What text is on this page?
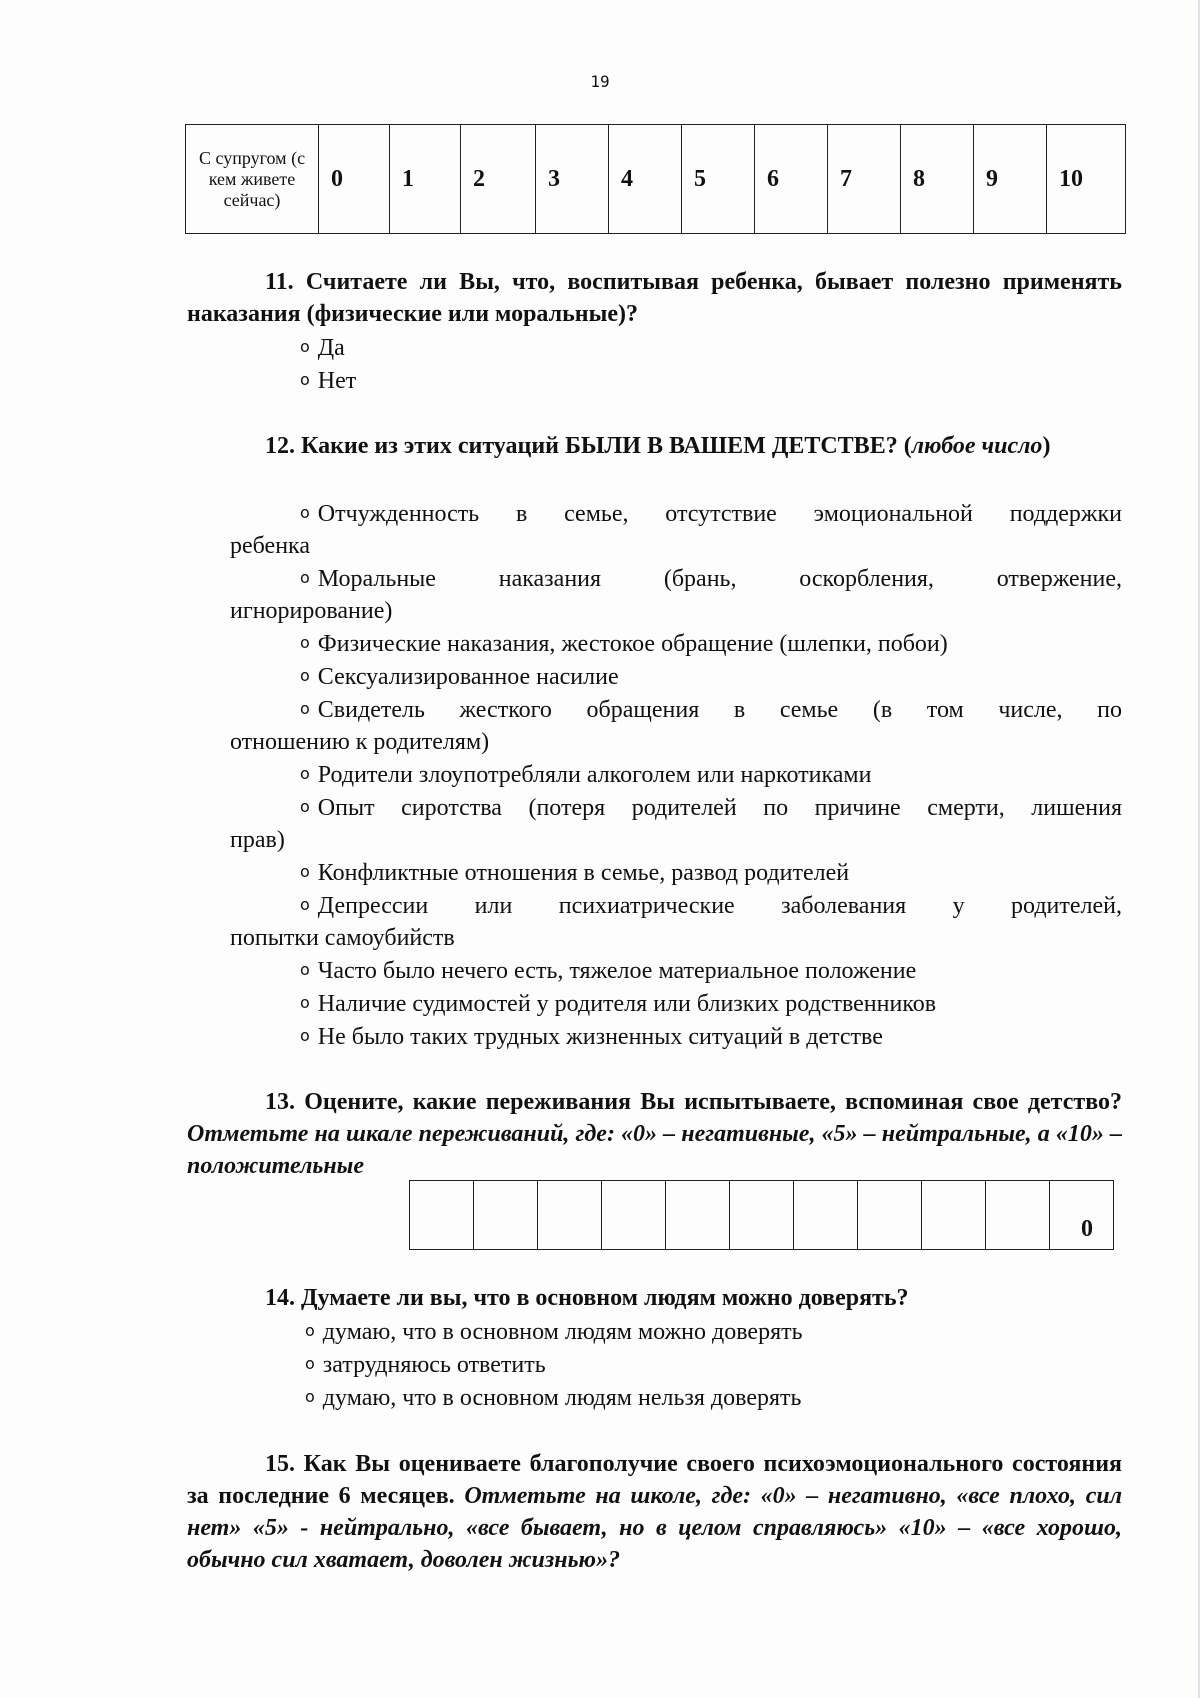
19
С супругом (с кем живете сейчас)	0	1	2	3	4	5	6	7	8	9	10
11. Считаете ли Вы, что, воспитывая ребенка, бывает полезно применять наказания (физические или моральные)?
o Да
o Нет
12. Какие из этих ситуаций БЫЛИ В ВАШЕМ ДЕТСТВЕ? (любое число)
o Отчужденность в семье, отсутствие эмоциональной поддержки
ребенка
o Моральные наказания (брань, оскорбления, отвержение,
игнорирование)
o Физические наказания, жестокое обращение (шлепки, побои)
o Сексуализированное насилие
o Свидетель жесткого обращения в семье (в том числе, по
отношению к родителям)
o Родители злоупотребляли алкоголем или наркотиками
o Опыт сиротства (потеря родителей по причине смерти, лишения
прав)
o Конфликтные отношения в семье, развод родителей
o Депрессии или психиатрические заболевания у родителей,
попытки самоубийств
o Часто было нечего есть, тяжелое материальное положение
o Наличие судимостей у родителя или близких родственников
o Не было таких трудных жизненных ситуаций в детстве
13. Оцените, какие переживания Вы испытываете, вспоминая свое детство? Отметьте на шкале переживаний, где: «0» – негативные, «5» – нейтральные, а «10» – положительные
										0
14. Думаете ли вы, что в основном людям можно доверять?
o думаю, что в основном людям можно доверять
o затрудняюсь ответить
o думаю, что в основном людям нельзя доверять
15. Как Вы оцениваете благополучие своего психоэмоционального состояния за последние 6 месяцев. Отметьте на школе, где: «0» – негативно, «все плохо, сил нет» «5» - нейтрально, «все бывает, но в целом справляюсь» «10» – «все хорошо, обычно сил хватает, доволен жизнью»?
